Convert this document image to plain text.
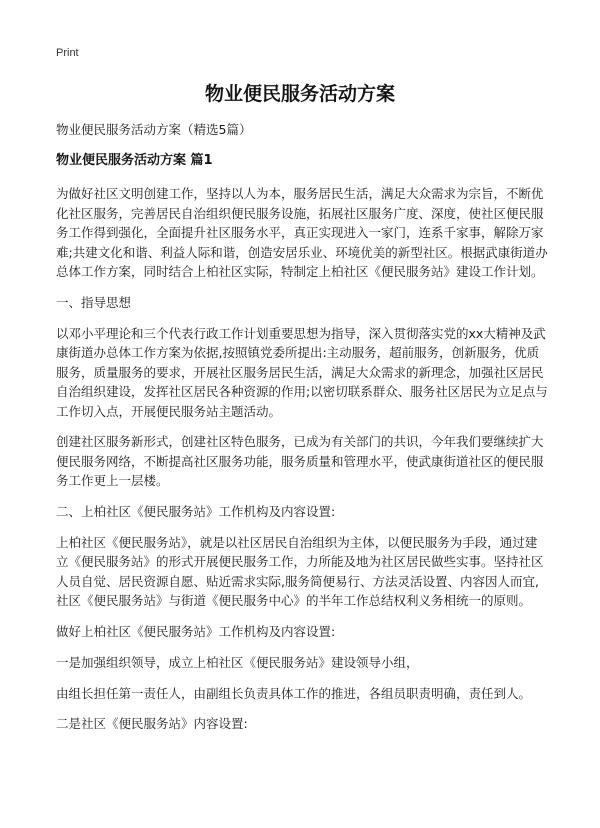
Print
物业便民服务活动方案

物业便民服务活动方案（精选5篇）

物业便民服务活动方案 篇1

为做好社区文明创建工作，坚持以人为本，服务居民生活，满足大众需求为宗旨，不断优化社区服务，完善居民自治组织便民服务设施，拓展社区服务广度、深度，使社区便民服务工作得到强化，全面提升社区服务水平，真正实现进入一家门，连系千家事，解除万家难;共建文化和谐、利益人际和谐，创造安居乐业、环境优美的新型社区。根据武康街道办总体工作方案，同时结合上柏社区实际，特制定上柏社区《便民服务站》建设工作计划。

一、指导思想

以邓小平理论和三个代表行政工作计划重要思想为指导，深入贯彻落实党的xx大精神及武康街道办总体工作方案为依据,按照镇党委所提出:主动服务，超前服务，创新服务，优质服务，质量服务的要求，开展社区服务居民生活，满足大众需求的新理念，加强社区居民自治组织建设，发挥社区居民各种资源的作用;以密切联系群众、服务社区居民为立足点与工作切入点，开展便民服务站主题活动。

创建社区服务新形式，创建社区特色服务，已成为有关部门的共识，今年我们要继续扩大便民服务网络，不断提高社区服务功能，服务质量和管理水平，使武康街道社区的便民服务工作更上一层楼。

二、上柏社区《便民服务站》工作机构及内容设置:

上柏社区《便民服务站》，就是以社区居民自治组织为主体，以便民服务为手段，通过建立《便民服务站》的形式开展便民服务工作，力所能及地为社区居民做些实事。坚持社区人员自觉、居民资源自愿、贴近需求实际,服务简便易行、方法灵活设置、内容因人而宜,社区《便民服务站》与街道《便民服务中心》的半年工作总结权利义务相统一的原则。

做好上柏社区《便民服务站》工作机构及内容设置:

一是加强组织领导，成立上柏社区《便民服务站》建设领导小组，

由组长担任第一责任人，由副组长负责具体工作的推进，各组员职责明确，责任到人。

二是社区《便民服务站》内容设置:
